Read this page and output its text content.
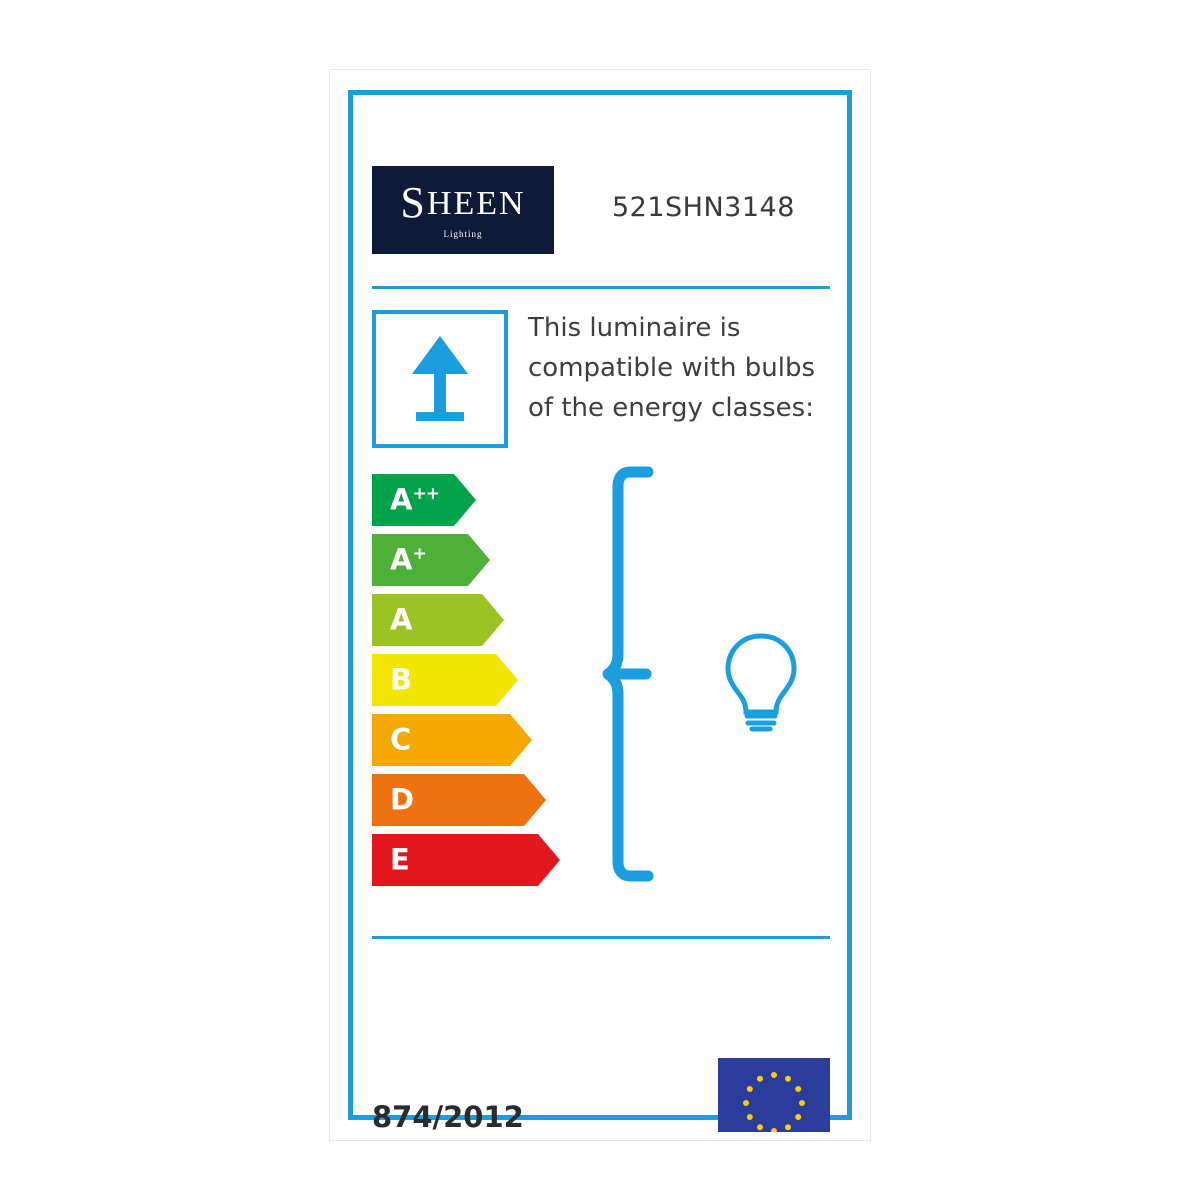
SHEEN
Lighting
521SHN3148
This luminaire is compatible with bulbs of the energy classes:
A++
A+
A
B
C
D
E
874/2012
